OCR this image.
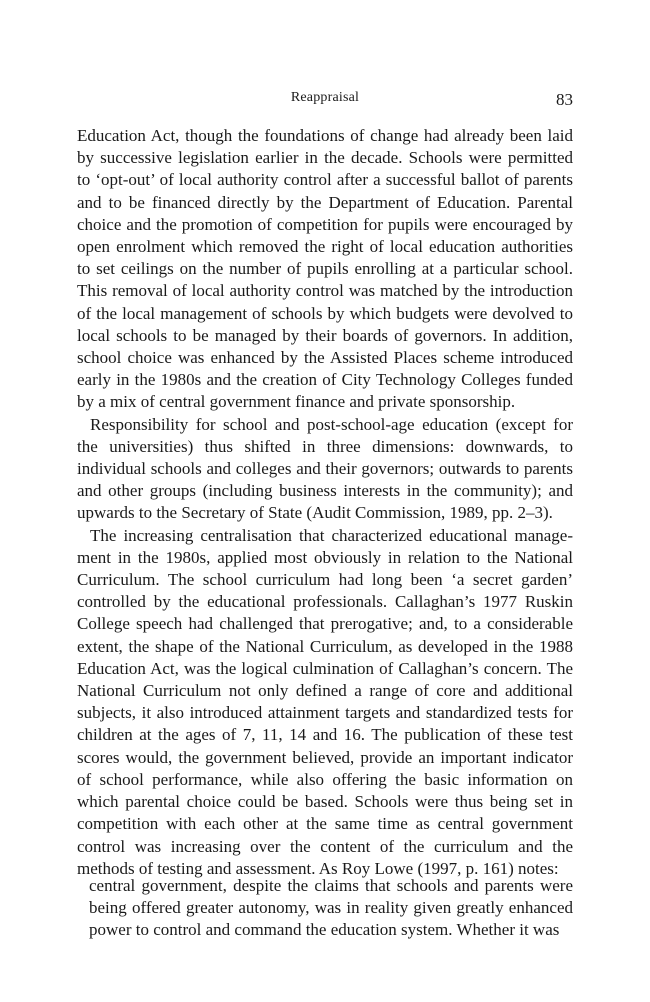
Reappraisal	83

Education Act, though the foundations of change had already been laid by successive legislation earlier in the decade. Schools were permitted to ‘opt-out’ of local authority control after a successful ballot of parents and to be financed directly by the Department of Education. Parental choice and the promotion of competition for pupils were encouraged by open enrolment which removed the right of local education authorities to set ceilings on the number of pupils enrolling at a particular school. This removal of local authority control was matched by the introduction of the local management of schools by which budgets were devolved to local schools to be managed by their boards of governors. In addition, school choice was enhanced by the Assisted Places scheme introduced early in the 1980s and the creation of City Technology Colleges funded by a mix of central government finance and private sponsorship.

Responsibility for school and post-school-age education (except for the universities) thus shifted in three dimensions: downwards, to individual schools and colleges and their governors; outwards to parents and other groups (including business interests in the community); and upwards to the Secretary of State (Audit Commission, 1989, pp. 2–3).

The increasing centralisation that characterized educational management in the 1980s, applied most obviously in relation to the National Curriculum. The school curriculum had long been ‘a secret garden’ controlled by the educational professionals. Callaghan’s 1977 Ruskin College speech had challenged that prerogative; and, to a considerable extent, the shape of the National Curriculum, as developed in the 1988 Education Act, was the logical culmination of Callaghan’s concern. The National Curriculum not only defined a range of core and additional subjects, it also introduced attainment targets and standardized tests for children at the ages of 7, 11, 14 and 16. The publication of these test scores would, the government believed, provide an important indicator of school performance, while also offering the basic information on which parental choice could be based. Schools were thus being set in competition with each other at the same time as central government control was increasing over the content of the curriculum and the methods of testing and assessment. As Roy Lowe (1997, p. 161) notes:

central government, despite the claims that schools and parents were being offered greater autonomy, was in reality given greatly enhanced power to control and command the education system. Whether it was
